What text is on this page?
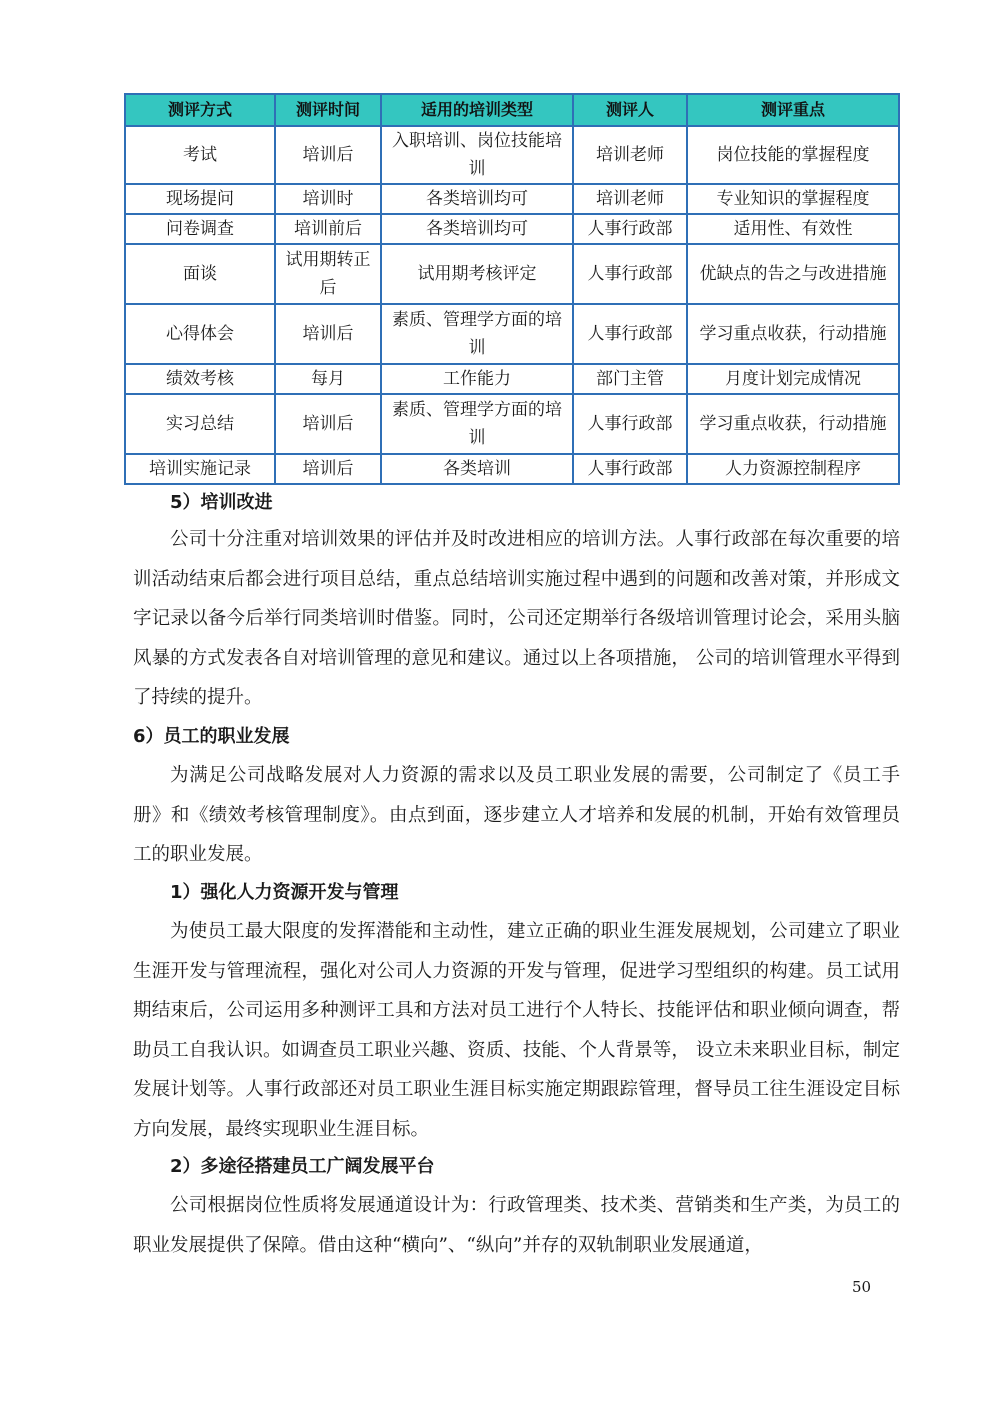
测评方式	测评时间	适用的培训类型	测评人	测评重点
考试	培训后	入职培训、岗位技能培训	培训老师	岗位技能的掌握程度
现场提问	培训时	各类培训均可	培训老师	专业知识的掌握程度
问卷调查	培训前后	各类培训均可	人事行政部	适用性、有效性
面谈	试用期转正后	试用期考核评定	人事行政部	优缺点的告之与改进措施
心得体会	培训后	素质、管理学方面的培训	人事行政部	学习重点收获，行动措施
绩效考核	每月	工作能力	部门主管	月度计划完成情况
实习总结	培训后	素质、管理学方面的培训	人事行政部	学习重点收获，行动措施
培训实施记录	培训后	各类培训	人事行政部	人力资源控制程序
5）培训改进

公司十分注重对培训效果的评估并及时改进相应的培训方法。人事行政部在每次重要的培训活动结束后都会进行项目总结，重点总结培训实施过程中遇到的问题和改善对策，并形成文字记录以备今后举行同类培训时借鉴。同时，公司还定期举行各级培训管理讨论会，采用头脑风暴的方式发表各自对培训管理的意见和建议。通过以上各项措施， 公司的培训管理水平得到了持续的提升。

6）员工的职业发展

为满足公司战略发展对人力资源的需求以及员工职业发展的需要，公司制定了《员工手册》和《绩效考核管理制度》。由点到面，逐步建立人才培养和发展的机制，开始有效管理员工的职业发展。

1）强化人力资源开发与管理

为使员工最大限度的发挥潜能和主动性，建立正确的职业生涯发展规划，公司建立了职业生涯开发与管理流程，强化对公司人力资源的开发与管理，促进学习型组织的构建。员工试用期结束后，公司运用多种测评工具和方法对员工进行个人特长、技能评估和职业倾向调查，帮助员工自我认识。如调查员工职业兴趣、资质、技能、个人背景等， 设立未来职业目标，制定发展计划等。人事行政部还对员工职业生涯目标实施定期跟踪管理，督导员工往生涯设定目标方向发展，最终实现职业生涯目标。

2）多途径搭建员工广阔发展平台

公司根据岗位性质将发展通道设计为：行政管理类、技术类、营销类和生产类，为员工的职业发展提供了保障。借由这种“横向”、“纵向”并存的双轨制职业发展通道，

50
